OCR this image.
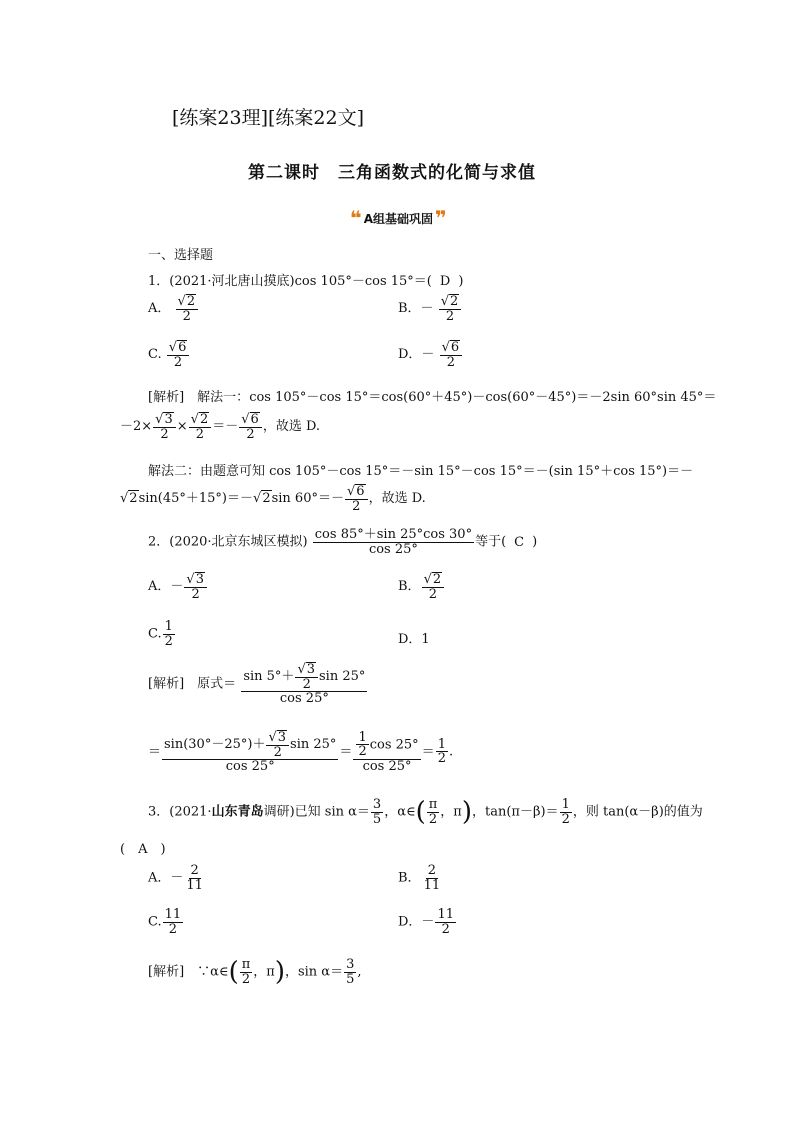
[练案23理][练案22文]
第二课时　三角函数式的化简与求值
❝ A组基础巩固 ❞
一、选择题
1．(2021·河北唐山摸底)cos 105°－cos 15°＝( D )
A． $\frac{√ 2}{2}$	B．－ $\frac{√ 2}{2}$
C. $\frac{√ 6}{2}$	D．－ $\frac{√ 6}{2}$
[解析]　 解法一：cos 105°－cos 15°＝cos(60°＋45°)－cos(60°－45°)＝－2sin 60°sin 45°＝
$-2\times \frac{√ 3}{2} \times \frac{√ 2}{2} =- \frac{√ 6}{2}$ ，故选 D.
解法二：由题意可知 cos 105°－cos 15°＝－sin 15°－cos 15°＝－(sin 15°＋cos 15°)＝－
√ 2 sin(45°＋15°)＝－√ 2 $\sin 60^\circ=- \frac{√ 6}{2}$ ，故选 D.
2．(2020·北京东城区模拟) $\frac{\cos 85^\circ+\sin 25^\circ\cos 30^\circ}{\cos 25^\circ}$ 等于( C )
A．－ $\frac{√ 3}{2}$	B． $\frac{√ 2}{2}$
C. $\frac{1}{2}$	D．1
[解析]　 原式＝ $\frac{\sin 5^\circ+ \frac{√ 3}{2} \sin 25^\circ}{\cos 25^\circ}$
＝ $\frac{\sin(30^\circ-25^\circ)+ \frac{√ 3}{2} \sin 25^\circ}{\cos 25^\circ} = \frac{\frac{1}{2} \cos 25^\circ}{\cos 25^\circ} = \frac{1}{2}$ .
3．(2021·山东青岛调研)已知 $\sin \alpha= \frac{3}{5}$ ，α∈( $\frac{\pi}{2}$ ，π)，$\tan(\pi-\beta)= \frac{1}{2}$ ，则 tan(α－β)的值为
(　A　)
A．－ $\frac{2}{11}$	B． $\frac{2}{11}$
C. $\frac{11}{2}$	D．－ $\frac{11}{2}$
[解析]　∵α∈( $\frac{\pi}{2}$ ，π)，$\sin \alpha= \frac{3}{5}$ ,
